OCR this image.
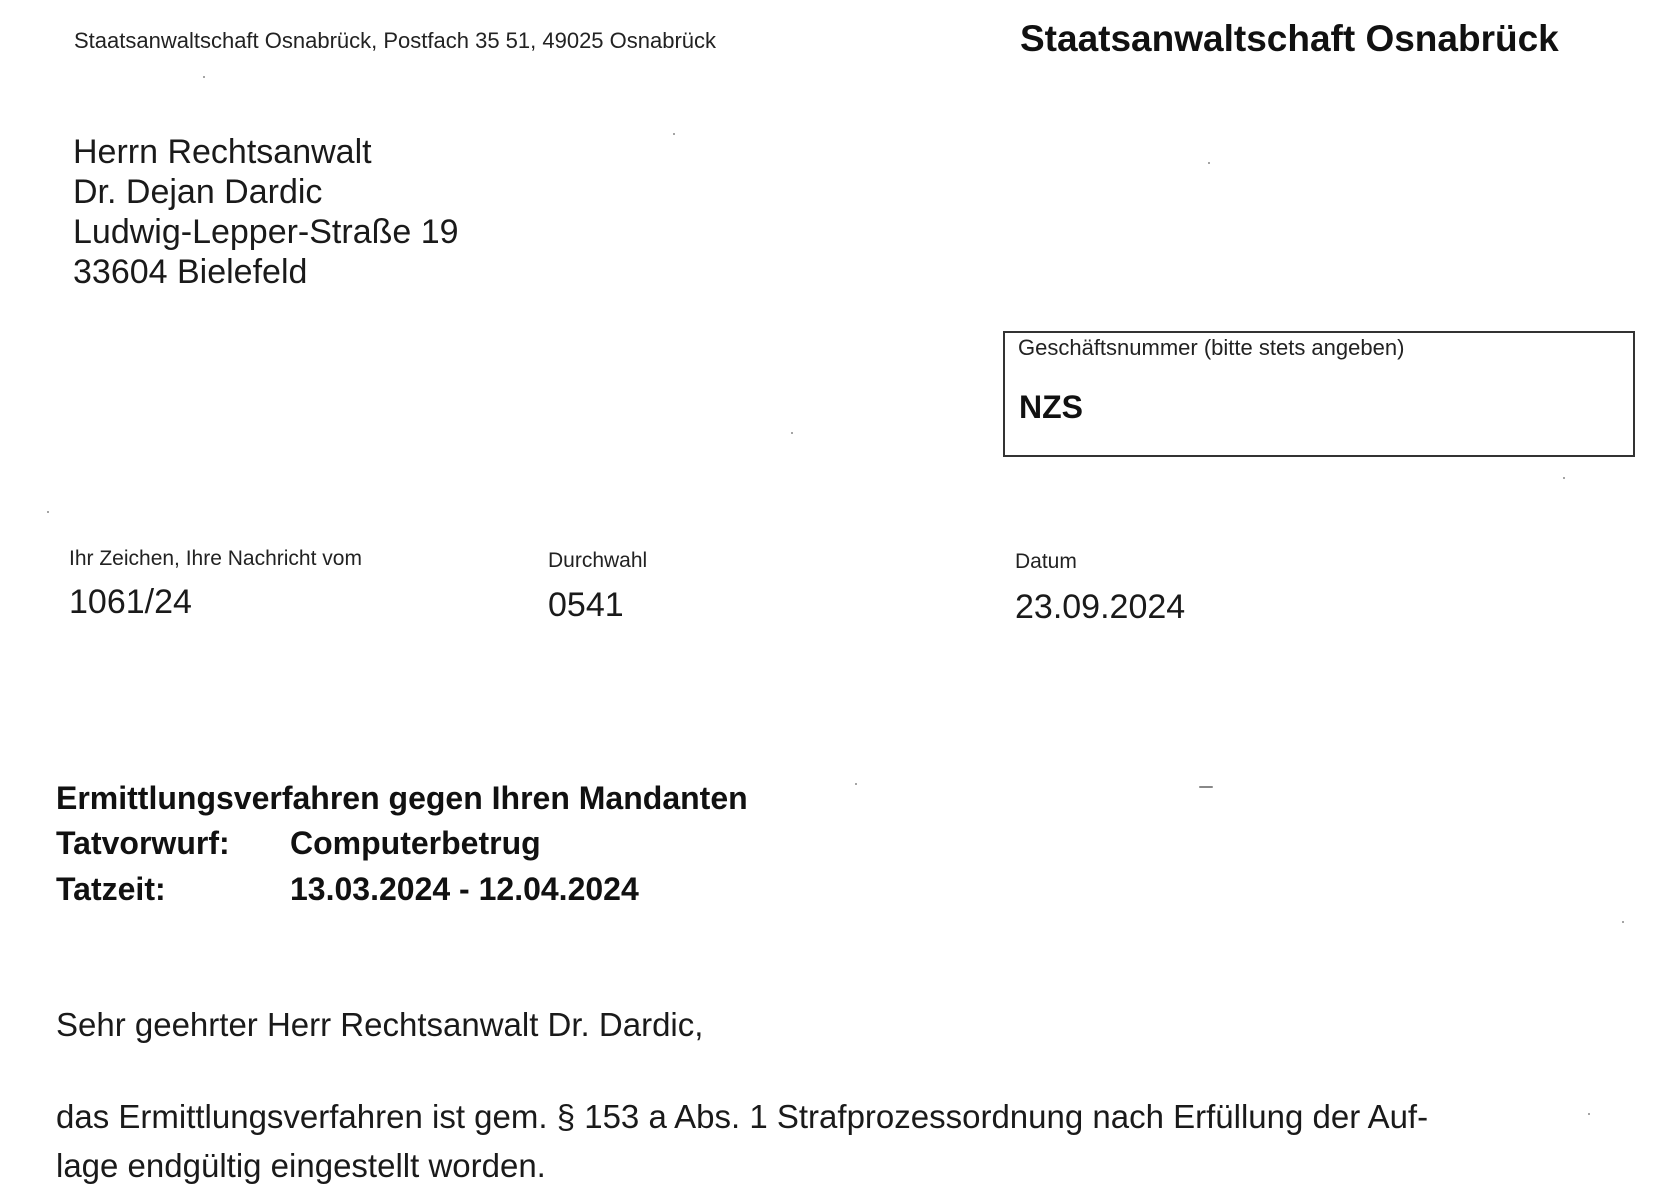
Staatsanwaltschaft Osnabrück, Postfach 35 51, 49025 Osnabrück	Staatsanwaltschaft Osnabrück
Herrn Rechtsanwalt
Dr. Dejan Dardic
Ludwig-Lepper-Straße 19
33604 Bielefeld
Geschäftsnummer (bitte stets angeben)
NZS
Ihr Zeichen, Ihre Nachricht vom
1061/24
Durchwahl
0541
Datum
23.09.2024
Ermittlungsverfahren gegen Ihren Mandanten
Tatvorwurf: Computerbetrug
Tatzeit:	13.03.2024 - 12.04.2024
Sehr geehrter Herr Rechtsanwalt Dr. Dardic,
das Ermittlungsverfahren ist gem. § 153 a Abs. 1 Strafprozessordnung nach Erfüllung der Auf-
lage endgültig eingestellt worden.
